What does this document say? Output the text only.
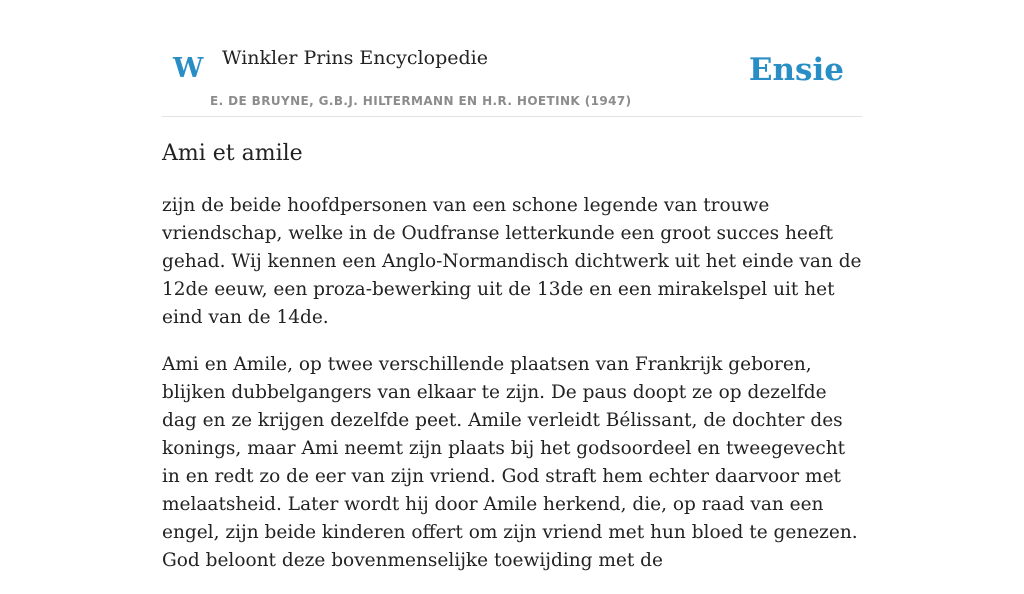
W Winkler Prins Encyclopedie
E. DE BRUYNE, G.B.J. HILTERMANN EN H.R. HOETINK (1947)
Ensie
Ami et amile

zijn de beide hoofdpersonen van een schone legende van trouwe vriendschap, welke in de Oudfranse letterkunde een groot succes heeft gehad. Wij kennen een Anglo-Normandisch dichtwerk uit het einde van de 12de eeuw, een proza-bewerking uit de 13de en een mirakelspel uit het eind van de 14de.

Ami en Amile, op twee verschillende plaatsen van Frankrijk geboren, blijken dubbelgangers van elkaar te zijn. De paus doopt ze op dezelfde dag en ze krijgen dezelfde peet. Amile verleidt Bélissant, de dochter des konings, maar Ami neemt zijn plaats bij het godsoordeel en tweegevecht in en redt zo de eer van zijn vriend. God straft hem echter daarvoor met melaatsheid. Later wordt hij door Amile herkend, die, op raad van een engel, zijn beide kinderen offert om zijn vriend met hun bloed te genezen. God beloont deze bovenmenselijke toewijding met de
